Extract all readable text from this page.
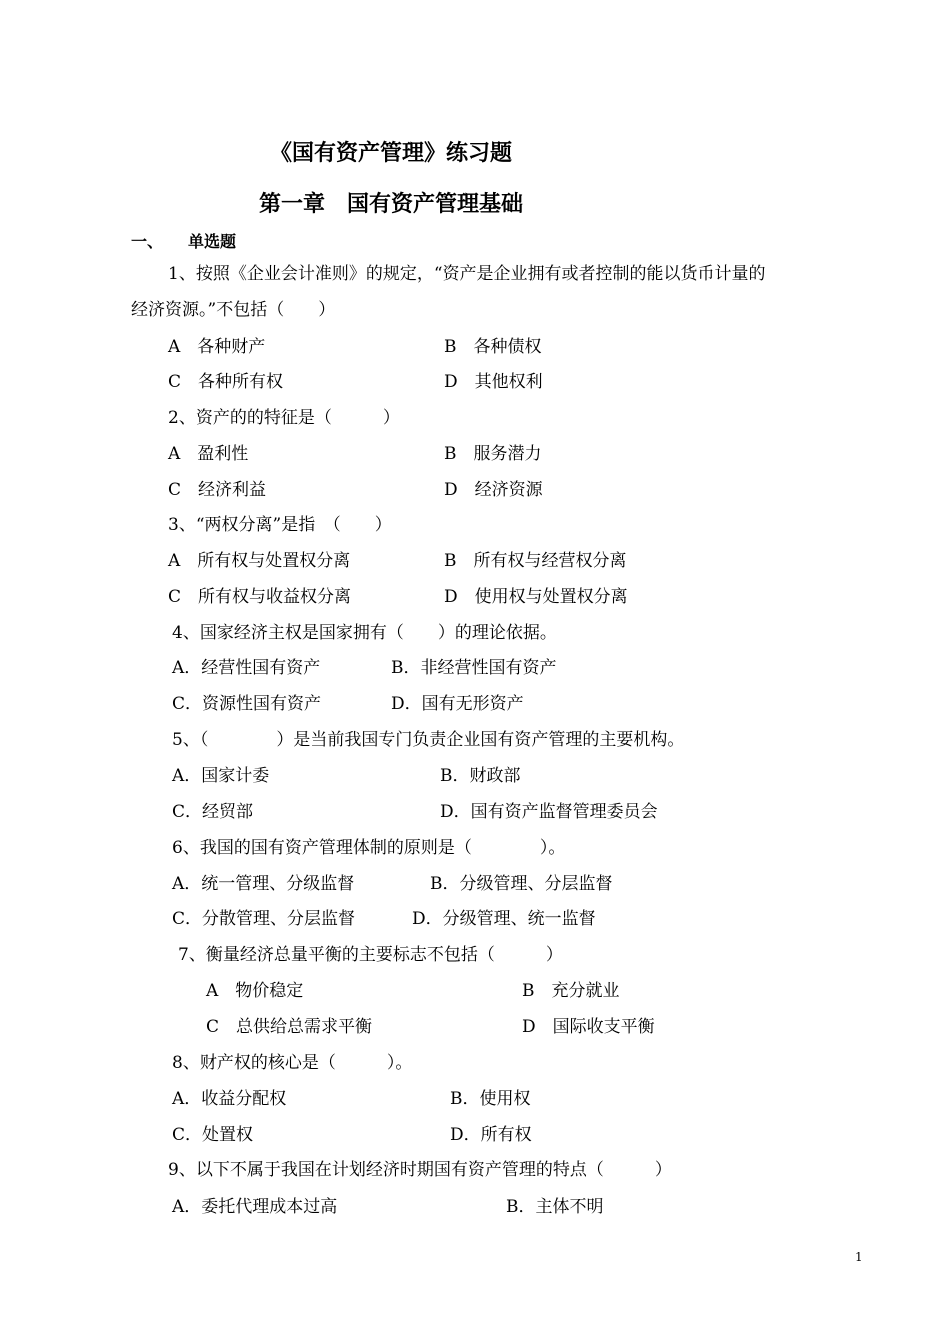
《国有资产管理》练习题
第一章　国有资产管理基础
一、 单选题
1、按照《企业会计准则》的规定，“资产是企业拥有或者控制的能以货币计量的
经济资源。”不包括（　　）
A　各种财产	B　各种债权
C　各种所有权	D　其他权利
2、资产的的特征是（　　　）
A　盈利性	B　服务潜力
C　经济利益	D　经济资源
3、“两权分离”是指　（　　）
A　所有权与处置权分离	B　所有权与经营权分离
C　所有权与收益权分离	D　使用权与处置权分离
4、国家经济主权是国家拥有（　　）的理论依据。
A．经营性国有资产	B．非经营性国有资产
C．资源性国有资产	D．国有无形资产
5、（　　　　）是当前我国专门负责企业国有资产管理的主要机构。
A．国家计委	B．财政部
C．经贸部	D．国有资产监督管理委员会
6、我国的国有资产管理体制的原则是（　　　　）。
A．统一管理、分级监督	B．分级管理、分层监督
C．分散管理、分层监督	D．分级管理、统一监督
7、衡量经济总量平衡的主要标志不包括（　　　）
A　物价稳定	B　充分就业
C　总供给总需求平衡	D　国际收支平衡
8、财产权的核心是（　　　）。
A．收益分配权	B．使用权
C．处置权	D．所有权
9、以下不属于我国在计划经济时期国有资产管理的特点（　　　）
A．委托代理成本过高	B．主体不明
1
